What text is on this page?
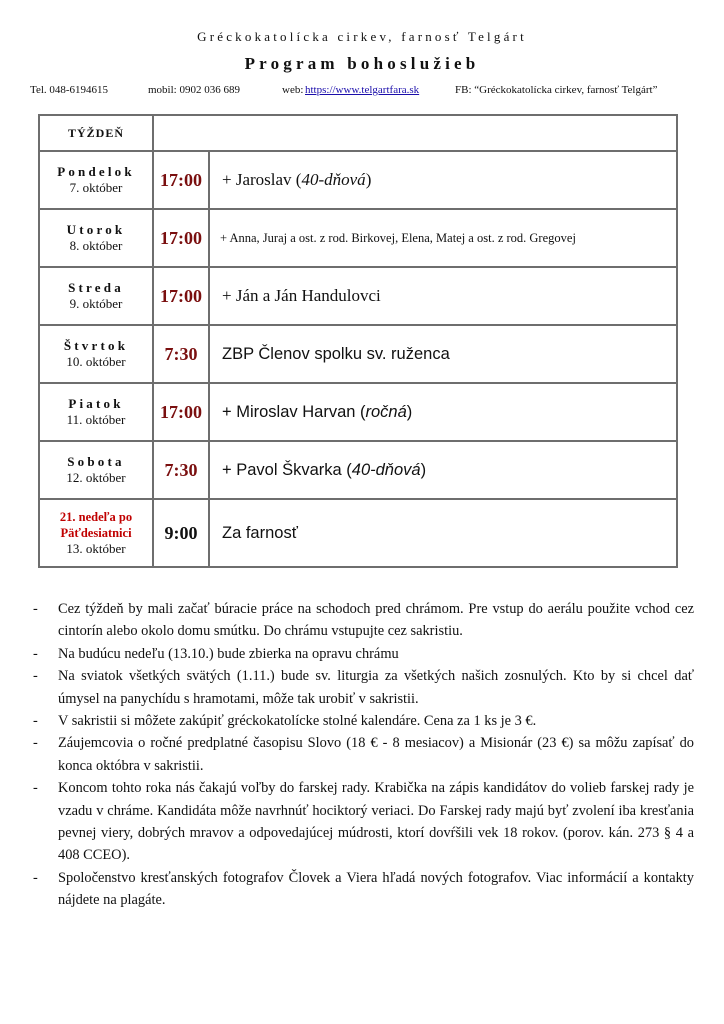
Gréckokatolícka cirkev, farnosť Telgárt
Program bohoslužieb
Tel. 048-6194615	mobil: 0902 036 689	web: https://www.telgartfara.sk	FB: “Gréckokatolícka cirkev, farnosť Telgárt”
TÝŽDEŇ		

Pondelok
7. október	17:00	+ Jaroslav (40-dňová)

Utorok
8. október	17:00	+ Anna, Juraj a ost. z rod. Birkovej, Elena, Matej a ost. z rod. Gregovej

Streda
9. október	17:00	+ Ján a Ján Handulovci

Štvrtok
10. október	7:30	ZBP Členov spolku sv. ruženca

Piatok
11. október	17:00	+ Miroslav Harvan (ročná)

Sobota
12. október	7:30	+ Pavol Škvarka (40-dňová)

21. nedeľa po
Päťdesiatnici
13. október	9:00	Za farnosť
- Cez týždeň by mali začať búracie práce na schodoch pred chrámom. Pre vstup do aerálu použite vchod cez cintorín alebo okolo domu smútku. Do chrámu vstupujte cez sakristiu.
- Na budúcu nedeľu (13.10.) bude zbierka na opravu chrámu
- Na sviatok všetkých svätých (1.11.) bude sv. liturgia za všetkých našich zosnulých. Kto by si chcel dať úmysel na panychídu s hramotami, môže tak urobiť v sakristii.
- V sakristii si môžete zakúpiť gréckokatolícke stolné kalendáre. Cena za 1 ks je 3 €.
- Záujemcovia o ročné predplatné časopisu Slovo (18 € - 8 mesiacov) a Misionár (23 €) sa môžu zapísať do konca októbra v sakristii.
- Koncom tohto roka nás čakajú voľby do farskej rady. Krabička na zápis kandidátov do volieb farskej rady je vzadu v chráme. Kandidáta môže navrhnúť hociktorý veriaci. Do Farskej rady majú byť zvolení iba kresťania pevnej viery, dobrých mravov a odpovedajúcej múdrosti, ktorí dovŕšili vek 18 rokov. (porov. kán. 273 § 4 a 408 CCEO).
- Spoločenstvo kresťanských fotografov Človek a Viera hľadá nových fotografov. Viac informácií a kontakty nájdete na plagáte.
